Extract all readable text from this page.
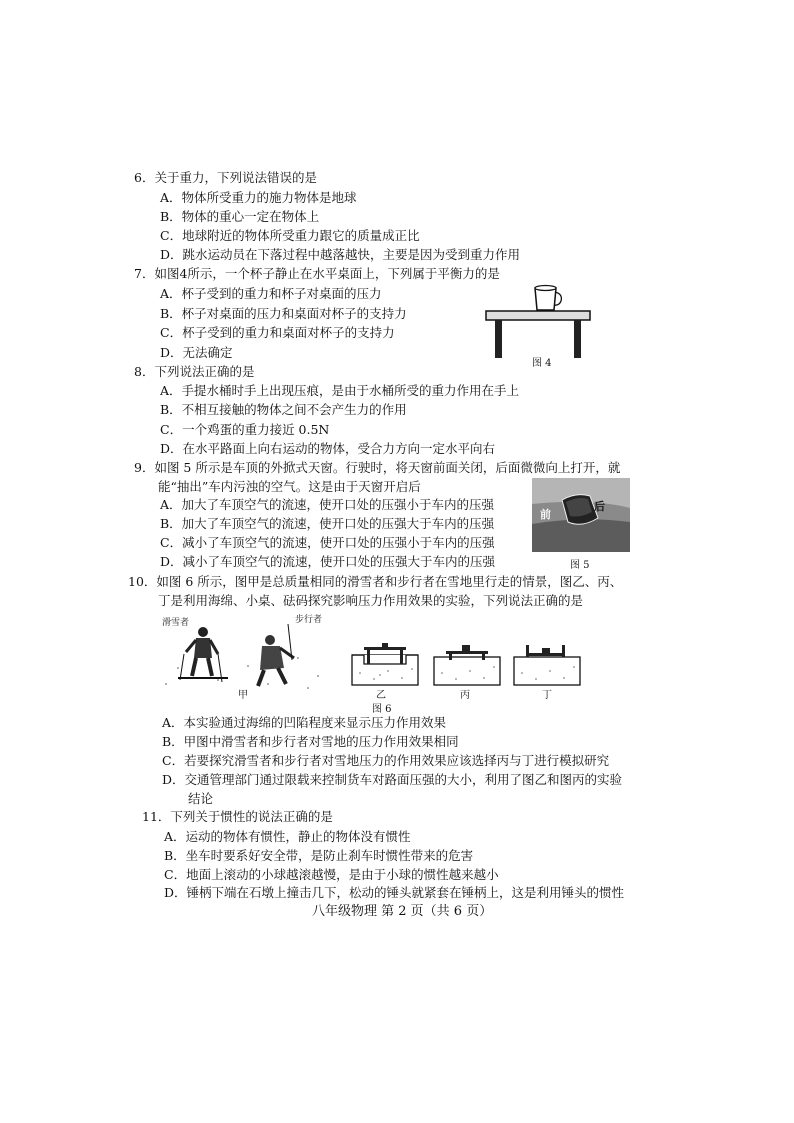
6．关于重力，下列说法错误的是
A．物体所受重力的施力物体是地球
B．物体的重心一定在物体上
C．地球附近的物体所受重力跟它的质量成正比
D．跳水运动员在下落过程中越落越快，主要是因为受到重力作用
7．如图4所示，一个杯子静止在水平桌面上，下列属于平衡力的是
A．杯子受到的重力和杯子对桌面的压力
B．杯子对桌面的压力和桌面对杯子的支持力
C．杯子受到的重力和桌面对杯子的支持力
D．无法确定
图 4
8．下列说法正确的是
A．手提水桶时手上出现压痕，是由于水桶所受的重力作用在手上
B．不相互接触的物体之间不会产生力的作用
C．一个鸡蛋的重力接近 0.5N
D．在水平路面上向右运动的物体，受合力方向一定水平向右
9．如图 5 所示是车顶的外掀式天窗。行驶时，将天窗前面关闭，后面微微向上打开，就
能“抽出”车内污浊的空气。这是由于天窗开启后
A．加大了车顶空气的流速，使开口处的压强小于车内的压强
B．加大了车顶空气的流速，使开口处的压强大于车内的压强
C．减小了车顶空气的流速，使开口处的压强小于车内的压强
D．减小了车顶空气的流速，使开口处的压强大于车内的压强
前
后
图 5
10．如图 6 所示，图甲是总质量相同的滑雪者和步行者在雪地里行走的情景，图乙、丙、
丁是利用海绵、小桌、砝码探究影响压力作用效果的实验，下列说法正确的是
滑雪者	步行者
甲	乙	丙	丁
图 6
A．本实验通过海绵的凹陷程度来显示压力作用效果
B．甲图中滑雪者和步行者对雪地的压力作用效果相同
C．若要探究滑雪者和步行者对雪地压力的作用效果应该选择丙与丁进行模拟研究
D．交通管理部门通过限载来控制货车对路面压强的大小，利用了图乙和图丙的实验
结论
11．下列关于惯性的说法正确的是
A．运动的物体有惯性，静止的物体没有惯性
B．坐车时要系好安全带，是防止刹车时惯性带来的危害
C．地面上滚动的小球越滚越慢，是由于小球的惯性越来越小
D．锤柄下端在石墩上撞击几下，松动的锤头就紧套在锤柄上，这是利用锤头的惯性
八年级物理 第 2 页（共 6 页）
